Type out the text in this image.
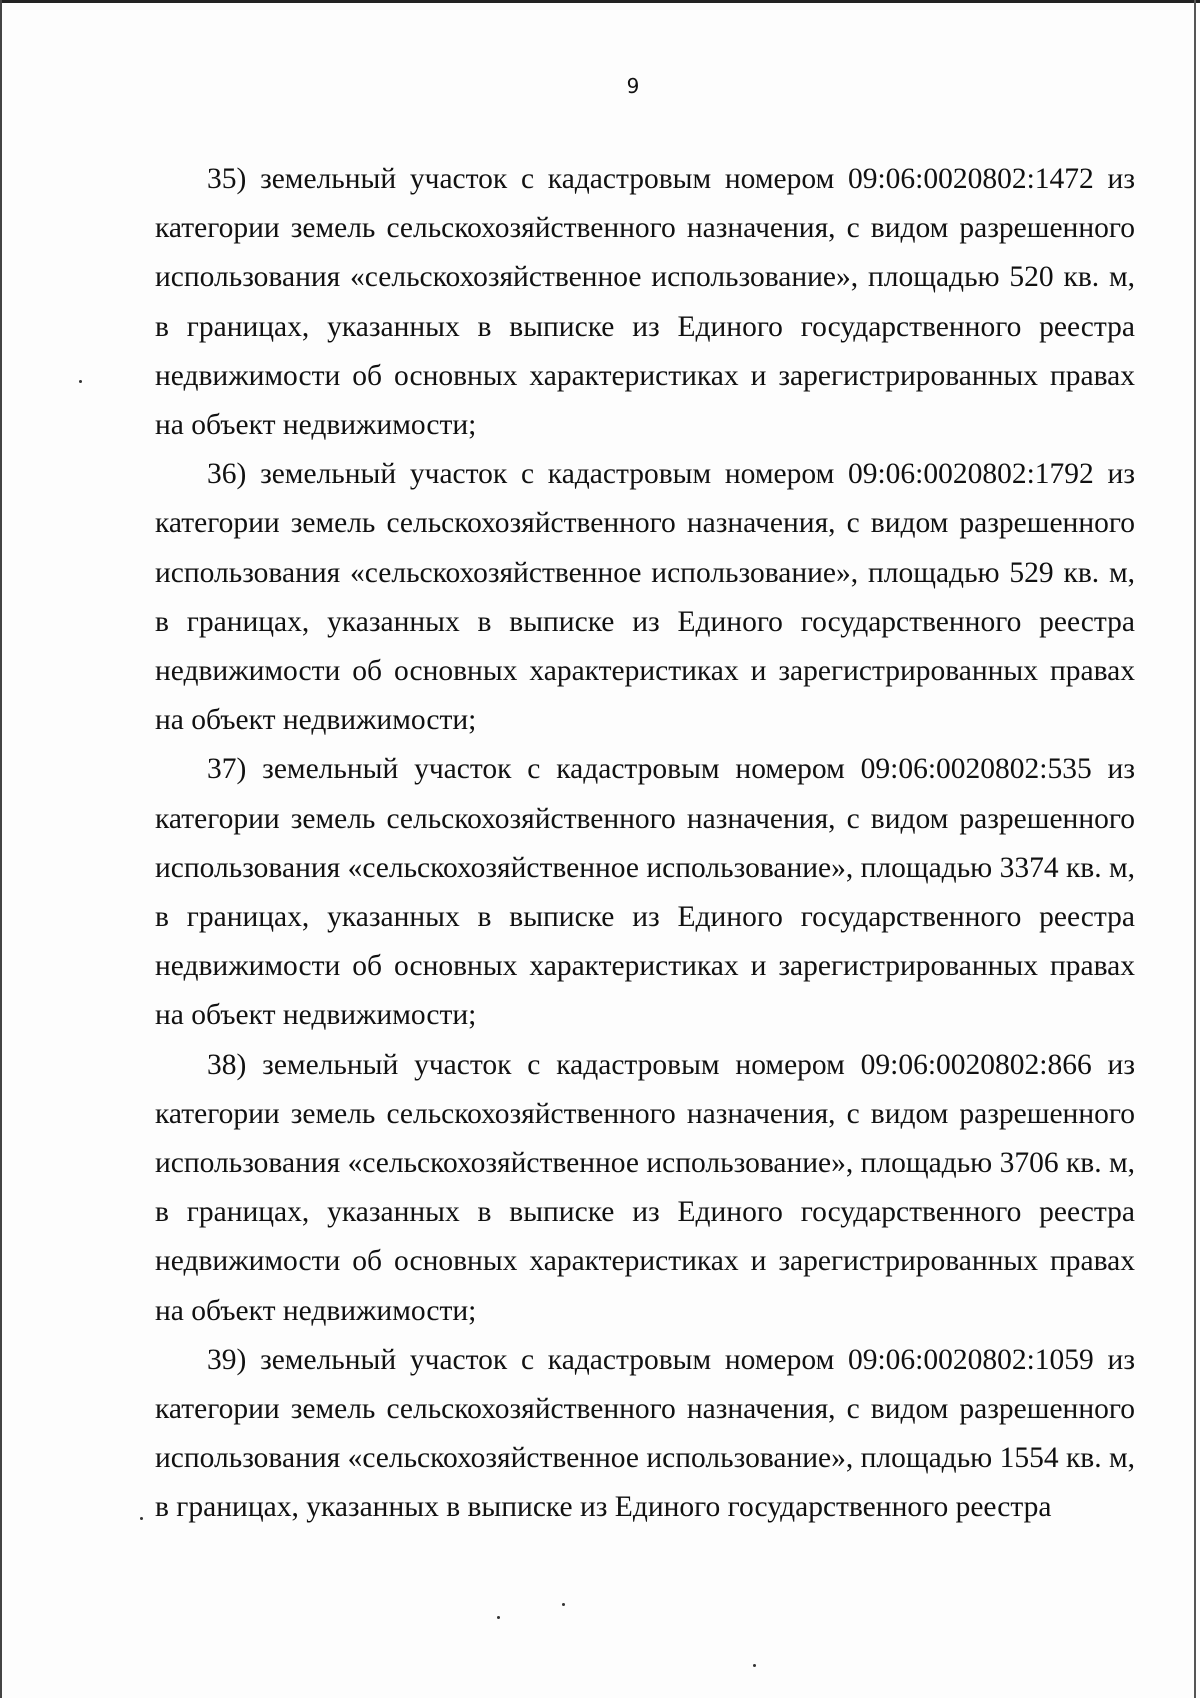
9

35) земельный участок с кадастровым номером 09:06:0020802:1472 из категории земель сельскохозяйственного назначения, с видом разрешенного использования «сельскохозяйственное использование», площадью 520 кв. м, в границах, указанных в выписке из Единого государственного реестра недвижимости об основных характеристиках и зарегистрированных правах на объект недвижимости;

36) земельный участок с кадастровым номером 09:06:0020802:1792 из категории земель сельскохозяйственного назначения, с видом разрешенного использования «сельскохозяйственное использование», площадью 529 кв. м, в границах, указанных в выписке из Единого государственного реестра недвижимости об основных характеристиках и зарегистрированных правах на объект недвижимости;

37) земельный участок с кадастровым номером 09:06:0020802:535 из категории земель сельскохозяйственного назначения, с видом разрешенного использования «сельскохозяйственное использование», площадью 3374 кв. м, в границах, указанных в выписке из Единого государственного реестра недвижимости об основных характеристиках и зарегистрированных правах на объект недвижимости;

38) земельный участок с кадастровым номером 09:06:0020802:866 из категории земель сельскохозяйственного назначения, с видом разрешенного использования «сельскохозяйственное использование», площадью 3706 кв. м, в границах, указанных в выписке из Единого государственного реестра недвижимости об основных характеристиках и зарегистрированных правах на объект недвижимости;

39) земельный участок с кадастровым номером 09:06:0020802:1059 из категории земель сельскохозяйственного назначения, с видом разрешенного использования «сельскохозяйственное использование», площадью 1554 кв. м, в границах, указанных в выписке из Единого государственного реестра
